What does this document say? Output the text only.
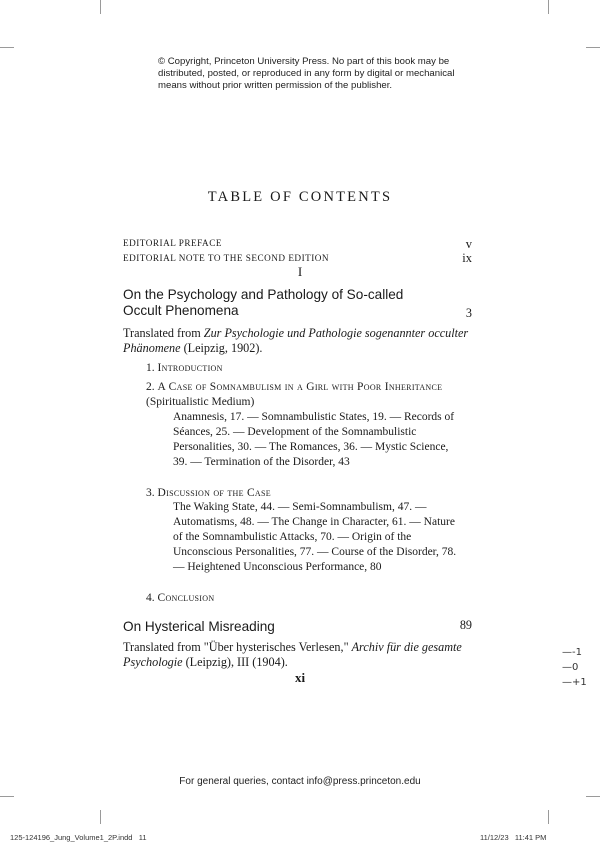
© Copyright, Princeton University Press. No part of this book may be distributed, posted, or reproduced in any form by digital or mechanical means without prior written permission of the publisher.
TABLE OF CONTENTS
EDITORIAL PREFACE	v
EDITORIAL NOTE TO THE SECOND EDITION	ix
I
On the Psychology and Pathology of So-called Occult Phenomena	3
Translated from Zur Psychologie und Pathologie sogenannter occulter Phänomene (Leipzig, 1902).
1. Introduction
2. A Case of Somnambulism in a Girl with Poor Inheritance (Spiritualistic Medium)
Anamnesis, 17. — Somnambulistic States, 19. — Records of Séances, 25. — Development of the Somnambulistic Personalities, 30. — The Romances, 36. — Mystic Science, 39. — Termination of the Disorder, 43
3. Discussion of the Case
The Waking State, 44. — Semi-Somnambulism, 47. — Automatisms, 48. — The Change in Character, 61. — Nature of the Somnambulistic Attacks, 70. — Origin of the Unconscious Personalities, 77. — Course of the Disorder, 78. — Heightened Unconscious Performance, 80
4. Conclusion
On Hysterical Misreading	89
Translated from "Über hysterisches Verlesen," Archiv für die gesamte Psychologie (Leipzig), III (1904).
xi
—-1
—0
—+1
For general queries, contact info@press.princeton.edu
125-124196_Jung_Volume1_2P.indd   11	11/12/23   11:41 PM
